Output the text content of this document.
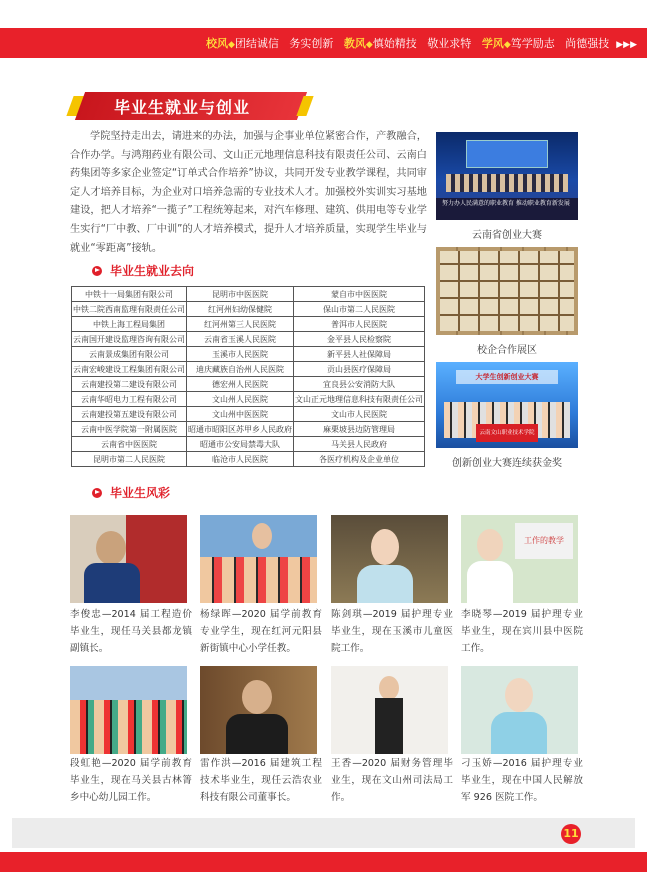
校风◆团结诚信 务实创新 教风◆慎始精技 敬业求特 学风◆笃学励志 尚德强技 ▶▶▶
毕业生就业与创业

学院坚持走出去，请进来的办法，加强与企事业单位紧密合作，产教融合，合作办学。与鸿翔药业有限公司、文山正元地理信息科技有限责任公司、云南白药集团等多家企业签定“订单式合作培养”协议，共同开发专业教学课程，共同审定人才培养目标，为企业对口培养急需的专业技术人才。加强校外实训实习基地建设，把人才培养“一揽子”工程统筹起来，对汽车修理、建筑、供用电等专业学生实行“厂中教、厂中训”的人才培养模式，提升人才培养质量，实现学生毕业与就业“零距离”接轨。

毕业生就业去向
中铁十一局集团有限公司	昆明市中医医院	蒙自市中医医院
中铁二院西南监理有限责任公司	红河州妇幼保健院	保山市第二人民医院
中铁上海工程局集团	红河州第三人民医院	普洱市人民医院
云南国开建设监理咨询有限公司	云南省玉溪人民医院	金平县人民检察院
云南景成集团有限公司	玉溪市人民医院	新平县人社保障局
云南宏峻建设工程集团有限公司	迪庆藏族自治州人民医院	贡山县医疗保障局
云南建投第二建设有限公司	德宏州人民医院	宜良县公安消防大队
云南华昭电力工程有限公司	文山州人民医院	文山正元地理信息科技有限责任公司
云南建投第五建设有限公司	文山州中医医院	文山市人民医院
云南中医学院第一附属医院	昭通市昭阳区苏甲乡人民政府	麻栗坡县边防管理局
云南省中医医院	昭通市公安局禁毒大队	马关县人民政府
昆明市第二人民医院	临沧市人民医院	各医疗机构及企业单位
努力办人民满意的职业教育 推动职业教育新发展
云南省创业大赛
校企合作展区
大学生创新创业大赛
云南文山职业技术学院
创新创业大赛连续获金奖
毕业生风彩
工作的教学
李俊忠—2014 届工程造价毕业生，现任马关县都龙镇副镇长。
杨绿晖—2020 届学前教育专业学生，现在红河元阳县新街镇中心小学任教。
陈剑琪—2019 届护理专业毕业生，现在玉溪市儿童医院工作。
李晓琴—2019 届护理专业毕业生，现在宾川县中医院工作。
段虹艳—2020 届学前教育毕业生，现在马关县古林箐乡中心幼儿园工作。
雷作洪—2016 届建筑工程技术毕业生，现任云浩农业科技有限公司董事长。
王香—2020 届财务管理毕业生，现在文山州司法局工作。
刁玉娇—2016 届护理专业毕业生，现在中国人民解放军 926 医院工作。
11
